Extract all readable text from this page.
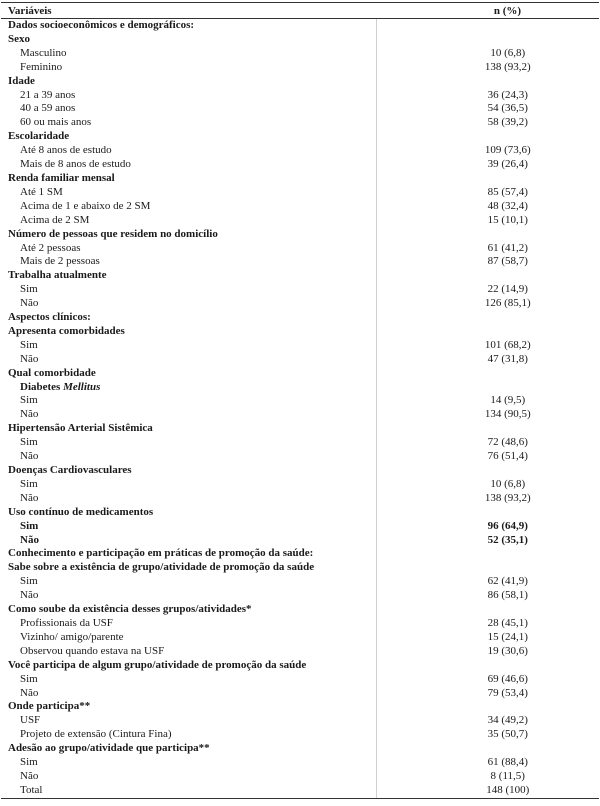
Variáveis	n (%)
Dados socioeconômicos e demográficos:	
Sexo	
Masculino	10 (6,8)
Feminino	138 (93,2)
Idade	
21 a 39 anos	36 (24,3)
40 a 59 anos	54 (36,5)
60 ou mais anos	58 (39,2)
Escolaridade	
Até 8 anos de estudo	109 (73,6)
Mais de 8 anos de estudo	39 (26,4)
Renda familiar mensal	
Até 1 SM	85 (57,4)
Acima de 1 e abaixo de 2 SM	48 (32,4)
Acima de 2 SM	15 (10,1)
Número de pessoas que residem no domicílio	
Até 2 pessoas	61 (41,2)
Mais de 2 pessoas	87 (58,7)
Trabalha atualmente	
Sim	22 (14,9)
Não	126 (85,1)
Aspectos clínicos:	
Apresenta comorbidades	
Sim	101 (68,2)
Não	47 (31,8)
Qual comorbidade	
Diabetes Mellitus	
Sim	14 (9,5)
Não	134 (90,5)
Hipertensão Arterial Sistêmica	
Sim	72 (48,6)
Não	76 (51,4)
Doenças Cardiovasculares	
Sim	10 (6,8)
Não	138 (93,2)
Uso contínuo de medicamentos	
Sim	96 (64,9)
Não	52 (35,1)
Conhecimento e participação em práticas de promoção da saúde:	
Sabe sobre a existência de grupo/atividade de promoção da saúde	
Sim	62 (41,9)
Não	86 (58,1)
Como soube da existência desses grupos/atividades*	
Profissionais da USF	28 (45,1)
Vizinho/ amigo/parente	15 (24,1)
Observou quando estava na USF	19 (30,6)
Você participa de algum grupo/atividade de promoção da saúde	
Sim	69 (46,6)
Não	79 (53,4)
Onde participa**	
USF	34 (49,2)
Projeto de extensão (Cintura Fina)	35 (50,7)
Adesão ao grupo/atividade que participa**	
Sim	61 (88,4)
Não	8 (11,5)
Total	148 (100)
